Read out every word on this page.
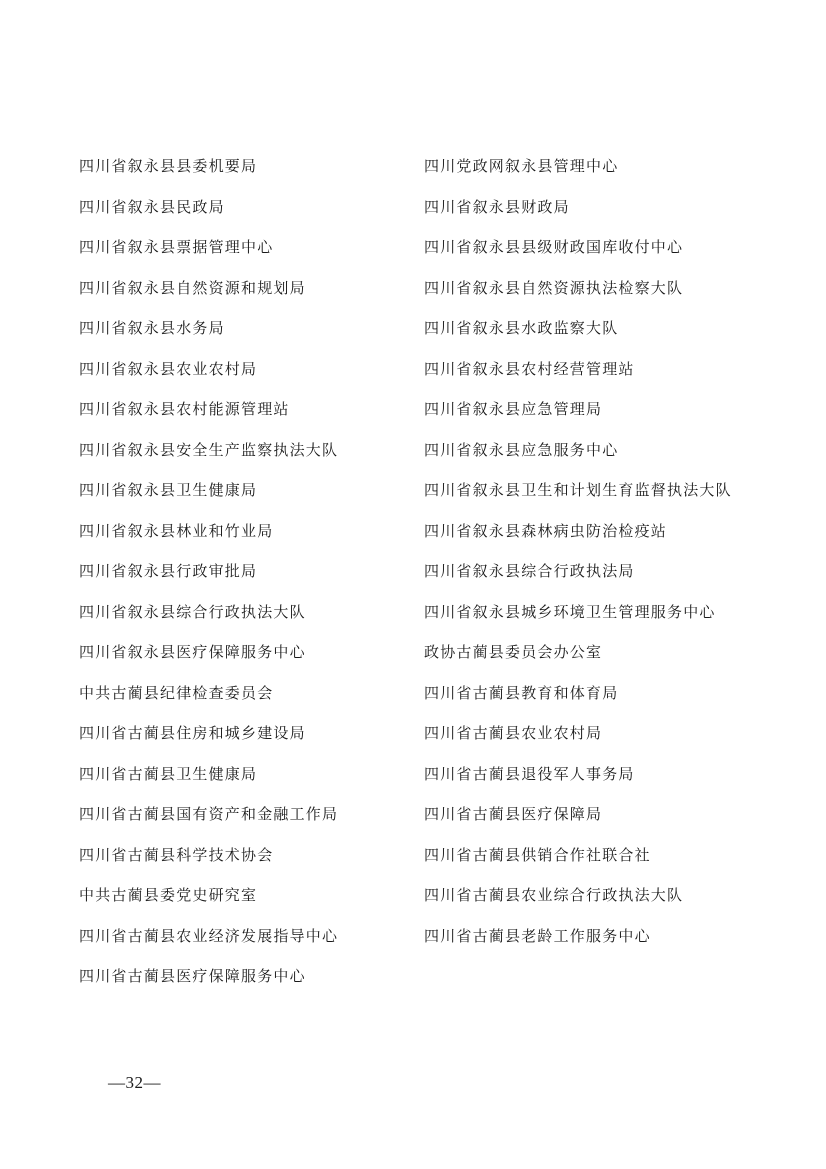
四川省叙永县县委机要局
四川省叙永县民政局
四川省叙永县票据管理中心
四川省叙永县自然资源和规划局
四川省叙永县水务局
四川省叙永县农业农村局
四川省叙永县农村能源管理站
四川省叙永县安全生产监察执法大队
四川省叙永县卫生健康局
四川省叙永县林业和竹业局
四川省叙永县行政审批局
四川省叙永县综合行政执法大队
四川省叙永县医疗保障服务中心
中共古蔺县纪律检查委员会
四川省古蔺县住房和城乡建设局
四川省古蔺县卫生健康局
四川省古蔺县国有资产和金融工作局
四川省古蔺县科学技术协会
中共古蔺县委党史研究室
四川省古蔺县农业经济发展指导中心
四川省古蔺县医疗保障服务中心
四川党政网叙永县管理中心
四川省叙永县财政局
四川省叙永县县级财政国库收付中心
四川省叙永县自然资源执法检察大队
四川省叙永县水政监察大队
四川省叙永县农村经营管理站
四川省叙永县应急管理局
四川省叙永县应急服务中心
四川省叙永县卫生和计划生育监督执法大队
四川省叙永县森林病虫防治检疫站
四川省叙永县综合行政执法局
四川省叙永县城乡环境卫生管理服务中心
政协古蔺县委员会办公室
四川省古蔺县教育和体育局
四川省古蔺县农业农村局
四川省古蔺县退役军人事务局
四川省古蔺县医疗保障局
四川省古蔺县供销合作社联合社
四川省古蔺县农业综合行政执法大队
四川省古蔺县老龄工作服务中心
—32—
